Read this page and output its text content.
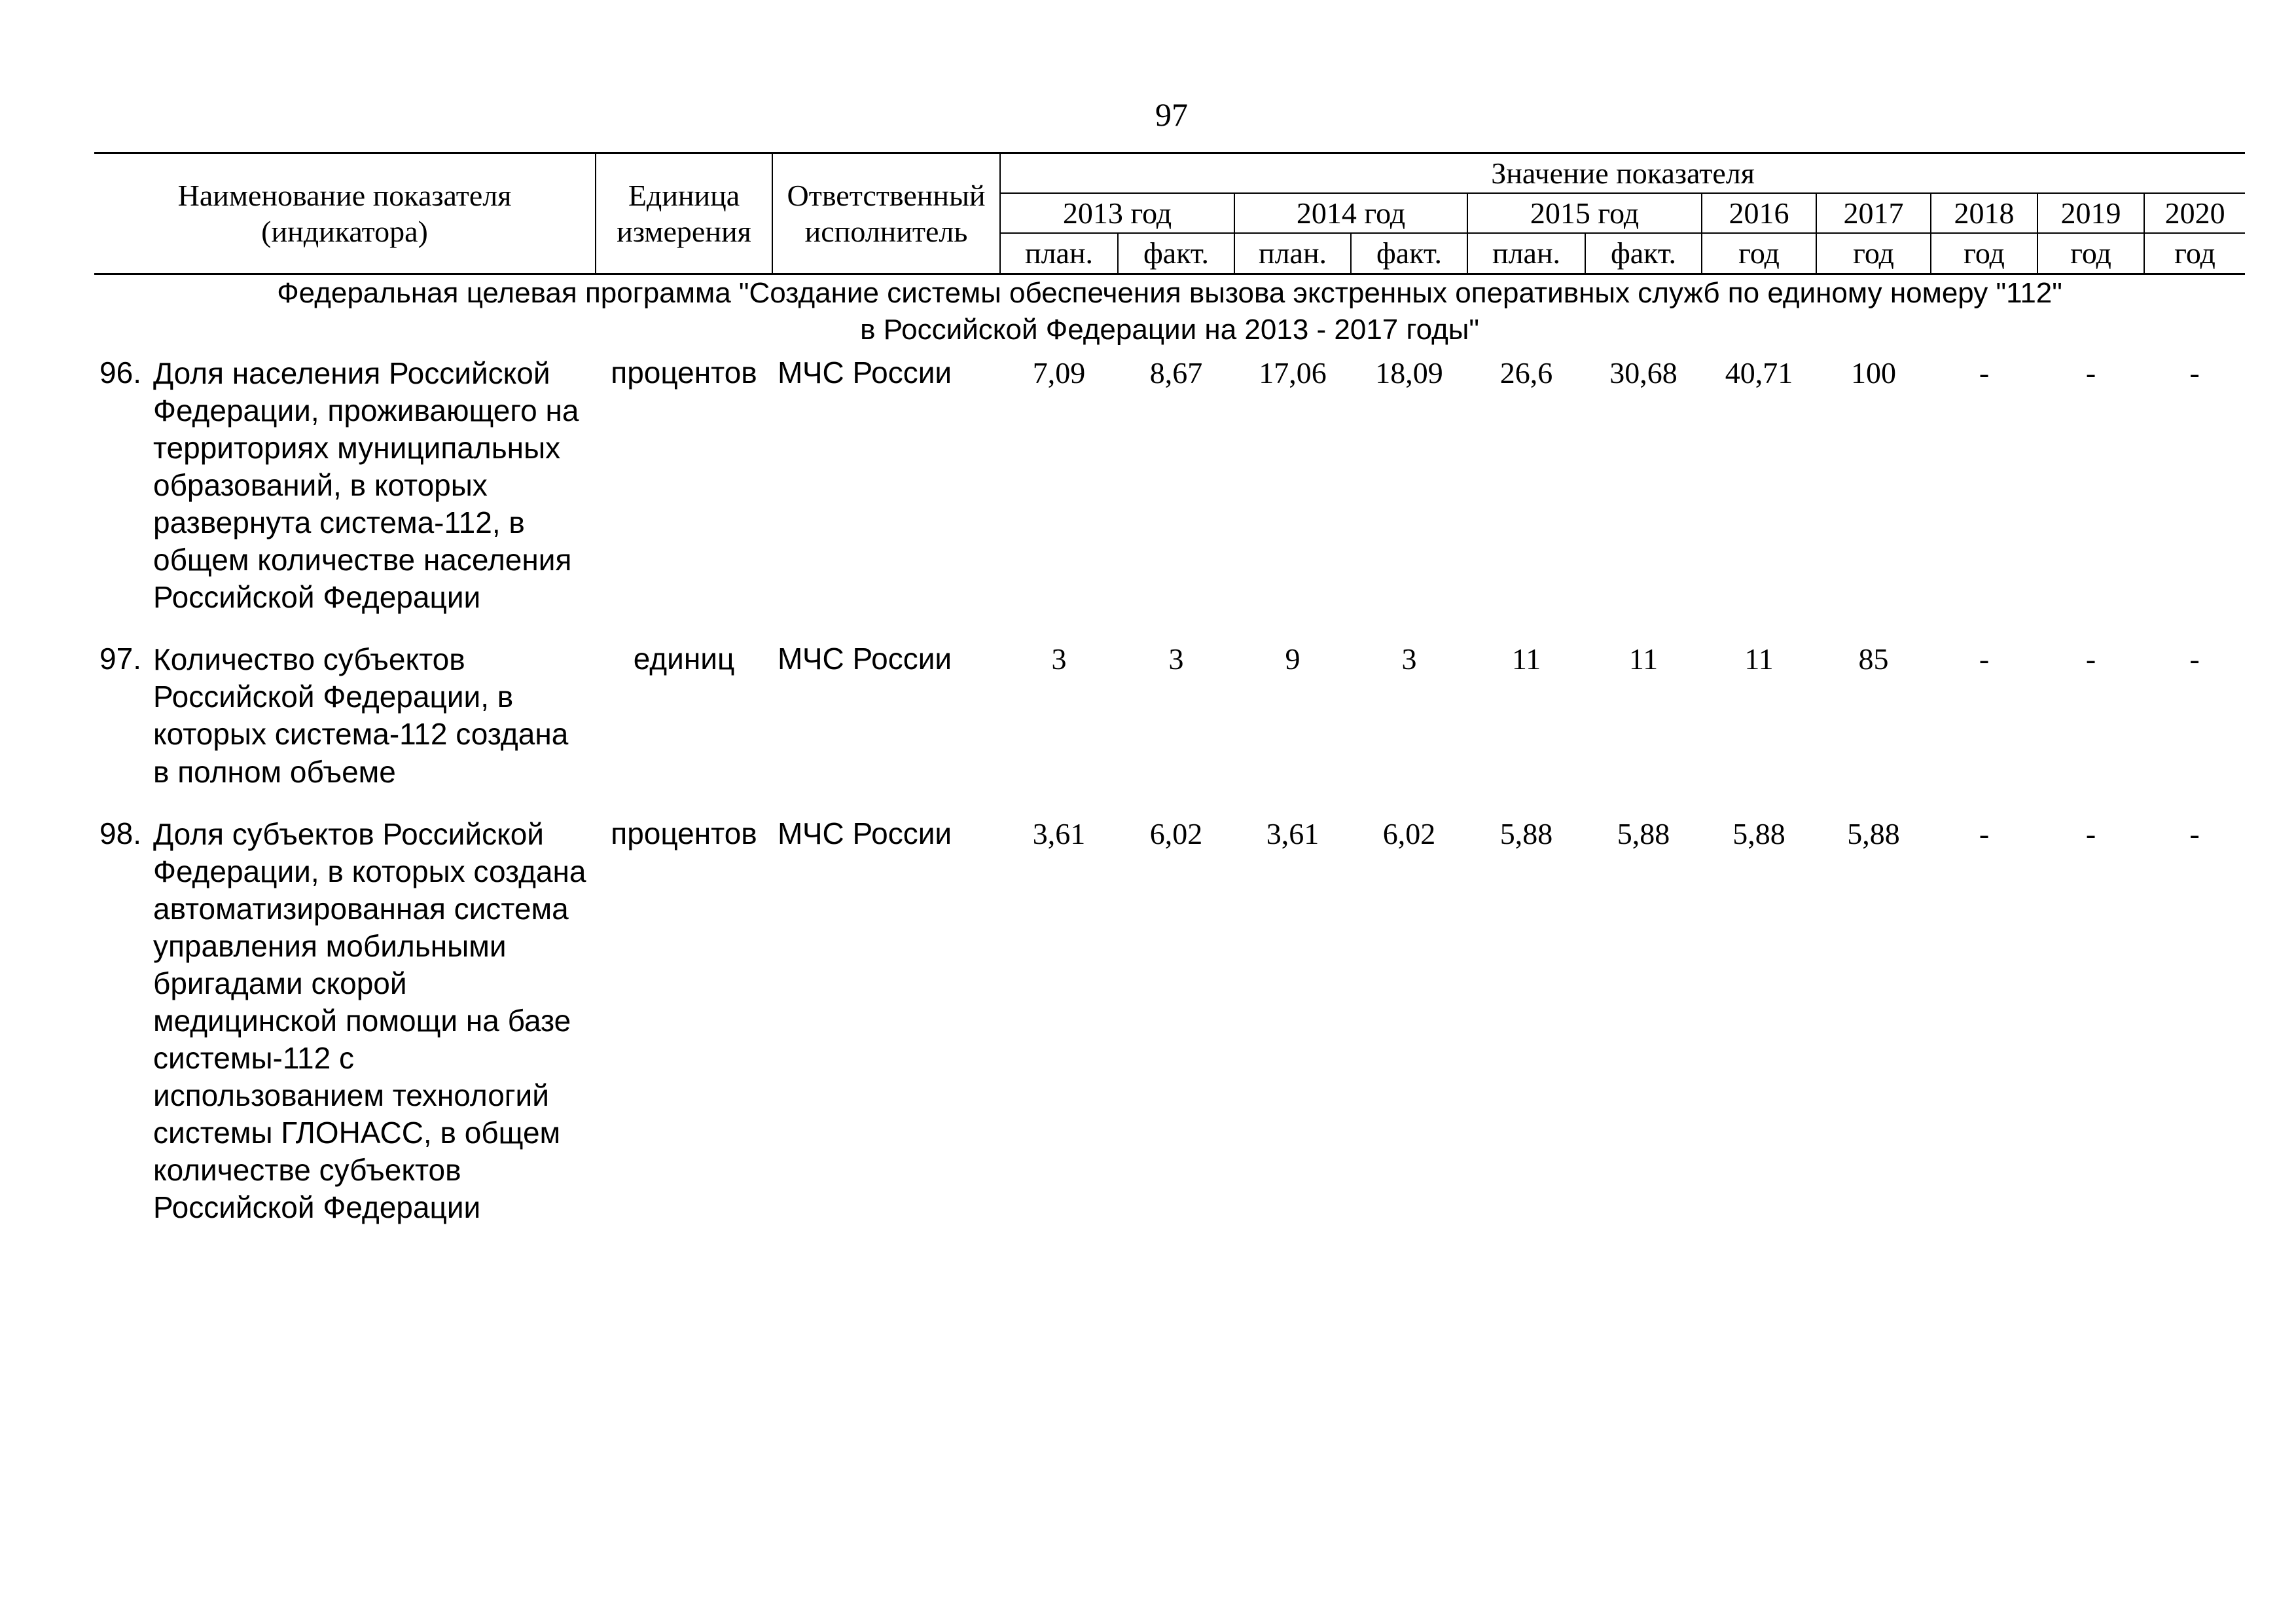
97
Наименование показателя (индикатора)		Единица измерения	Ответственный исполнитель	Значение показателя										
				2013 год		2014 год		2015 год		2016	2017	2018	2019	2020
				план.	факт.	план.	факт.	план.	факт.	год	год	год	год	год

Федеральная целевая программа "Создание системы обеспечения вызова экстренных оперативных служб по единому номеру "112"
в Российской Федерации на 2013 - 2017 годы"														

96.	Доля населения Российской Федерации, проживающего на территориях муниципальных образований, в которых развернута система-112, в общем количестве населения Российской Федерации	процентов	МЧС России	7,09	8,67	17,06	18,09	26,6	30,68	40,71	100	-	-	-
97.	Количество субъектов Российской Федерации, в которых система-112 создана в полном объеме	единиц	МЧС России	3	3	9	3	11	11	11	85	-	-	-
98.	Доля субъектов Российской Федерации, в которых создана автоматизированная система управления мобильными бригадами скорой медицинской помощи на базе системы-112 с использованием технологий системы ГЛОНАСС, в общем количестве субъектов Российской Федерации	процентов	МЧС России	3,61	6,02	3,61	6,02	5,88	5,88	5,88	5,88	-	-	-
